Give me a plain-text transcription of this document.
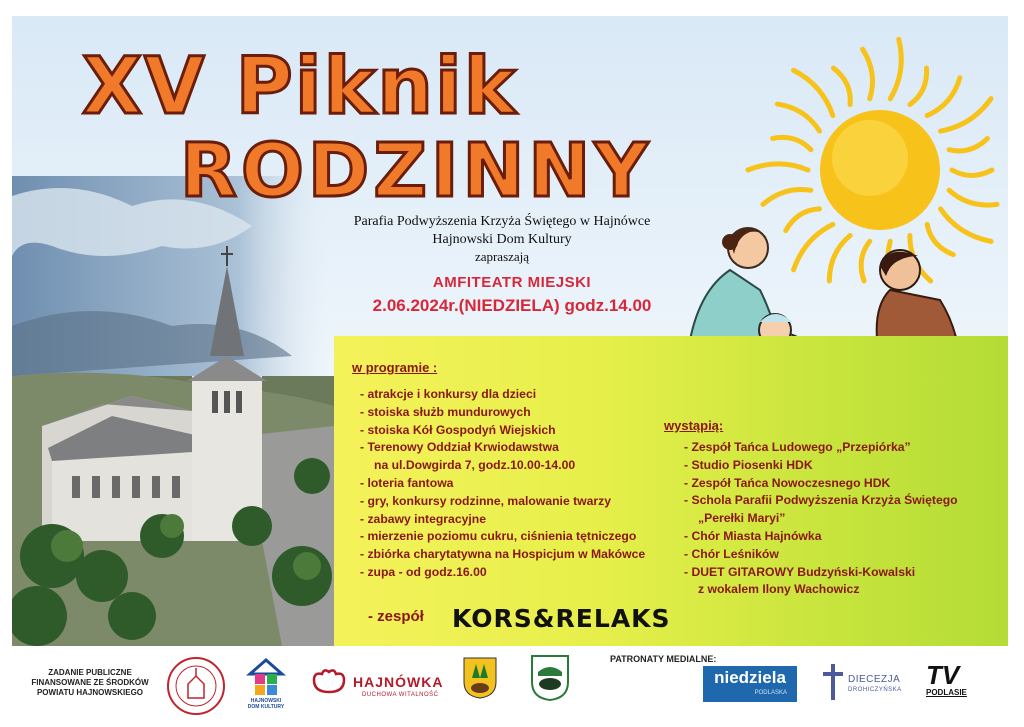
XV Piknik
RODZINNY
Parafia Podwyższenia Krzyża Świętego w Hajnówce
Hajnowski Dom Kultury
zapraszają
AMFITEATR MIEJSKI
2.06.2024r.(NIEDZIELA) godz.14.00
w programie :
- atrakcje i konkursy dla dzieci
- stoiska służb mundurowych
- stoiska Kół Gospodyń Wiejskich
- Terenowy Oddział Krwiodawstwa
na ul.Dowgirda 7, godz.10.00-14.00
- loteria fantowa
- gry, konkursy rodzinne, malowanie twarzy
- zabawy integracyjne
- mierzenie poziomu cukru, ciśnienia tętniczego
- zbiórka charytatywna na Hospicjum w Makówce
- zupa - od godz.16.00
wystąpią:
- Zespół Tańca Ludowego „Przepiórka”
- Studio Piosenki HDK
- Zespół Tańca Nowoczesnego HDK
- Schola Parafii Podwyższenia Krzyża Świętego
„Perełki Maryi”
- Chór Miasta Hajnówka
- Chór Leśników
- DUET GITAROWY Budzyński-Kowalski
z wokalem Ilony Wachowicz
- zespół KORS&RELAKS
ZADANIE PUBLICZNE
FINANSOWANE ZE ŚRODKÓW
POWIATU HAJNOWSKIEGO
HAJNOWSKI DOM KULTURY
HAJNÓWKA
DUCHOWA WITALNOŚĆ
PATRONATY MEDIALNE:
niedziela
PODLASKA
DIECEZJA
DROHICZYŃSKA TV
PODLASIE
